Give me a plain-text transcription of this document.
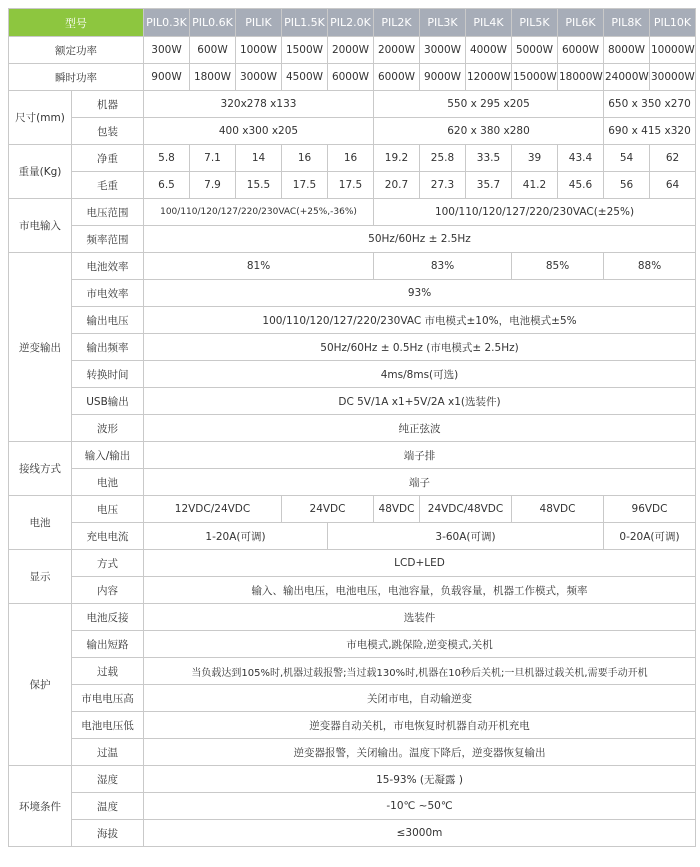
型号		PIL0.3K	PIL0.6K	PILIK	PIL1.5K	PIL2.0K	PIL2K	PIL3K	PIL4K	PIL5K	PIL6K	PIL8K	PIL10K
额定功率		300W	600W	1000W	1500W	2000W	2000W	3000W	4000W	5000W	6000W	8000W	10000W
瞬时功率		900W	1800W	3000W	4500W	6000W	6000W	9000W	12000W	15000W	18000W	24000W	30000W
尺寸(mm)	机器	320x278 x133					550 x 295 x205					650 x 350 x270	
	包装	400 x300 x205					620 x 380 x280					690 x 415 x320	
重量(Kg)	净重	5.8	7.1	14	16	16	19.2	25.8	33.5	39	43.4	54	62
	毛重	6.5	7.9	15.5	17.5	17.5	20.7	27.3	35.7	41.2	45.6	56	64
市电输入	电压范围	100/110/120/127/220/230VAC(+25%,-36%)					100/110/120/127/220/230VAC(±25%)						
	频率范围	50Hz/60Hz ± 2.5Hz											
逆变输出	电池效率	81%					83%			85%		88%	
	市电效率	93%											
	输出电压	100/110/120/127/220/230VAC 市电模式±10%，电池模式±5%											
	输出频率	50Hz/60Hz ± 0.5Hz (市电模式± 2.5Hz)											
	转换时间	4ms/8ms(可选)											
	USB输出	DC 5V/1A x1+5V/2A x1(选装件)											
	波形	纯正弦波											
接线方式	输入/输出	端子排											
	电池	端子											
电池	电压	12VDC/24VDC			24VDC		48VDC	24VDC/48VDC		48VDC		96VDC	
	充电电流	1-20A(可调)				3-60A(可调)						0-20A(可调)	
显示	方式	LCD+LED											
	内容	输入、输出电压，电池电压，电池容量，负载容量，机器工作模式，频率											
保护	电池反接	选装件											
	输出短路	市电模式,跳保险,逆变模式,关机											
	过载	当负载达到105%时,机器过载报警;当过载130%时,机器在10秒后关机;一旦机器过载关机,需要手动开机											
	市电电压高	关闭市电，自动输逆变											
	电池电压低	逆变器自动关机，市电恢复时机器自动开机充电											
	过温	逆变器报警，关闭输出。温度下降后，逆变器恢复输出											
环境条件	湿度	15-93% (无凝露 )											
	温度	-10℃ ~50℃											
	海拔	≤3000m											
